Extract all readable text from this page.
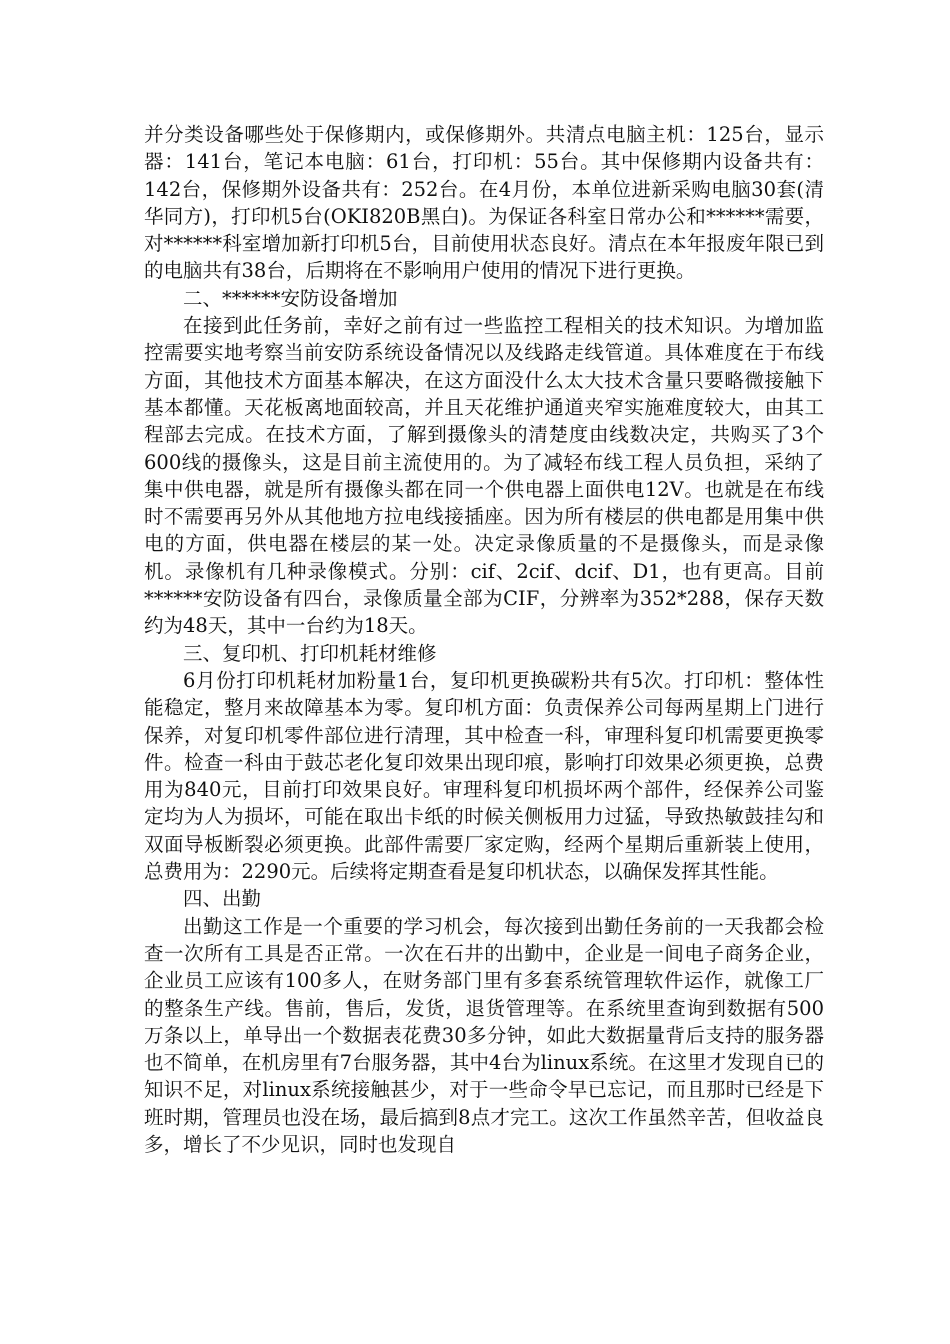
并分类设备哪些处于保修期内，或保修期外。共清点电脑主机：125台，显示器：141台，笔记本电脑：61台，打印机：55台。其中保修期内设备共有：142台，保修期外设备共有：252台。在4月份，本单位进新采购电脑30套(清华同方)，打印机5台(OKI820B黑白)。为保证各科室日常办公和******需要，对******科室增加新打印机5台，目前使用状态良好。清点在本年报废年限已到的电脑共有38台，后期将在不影响用户使用的情况下进行更换。

二、******安防设备增加

在接到此任务前，幸好之前有过一些监控工程相关的技术知识。为增加监控需要实地考察当前安防系统设备情况以及线路走线管道。具体难度在于布线方面，其他技术方面基本解决，在这方面没什么太大技术含量只要略微接触下基本都懂。天花板离地面较高，并且天花维护通道夹窄实施难度较大，由其工程部去完成。在技术方面，了解到摄像头的清楚度由线数决定，共购买了3个600线的摄像头，这是目前主流使用的。为了减轻布线工程人员负担，采纳了集中供电器，就是所有摄像头都在同一个供电器上面供电12V。也就是在布线时不需要再另外从其他地方拉电线接插座。因为所有楼层的供电都是用集中供电的方面，供电器在楼层的某一处。决定录像质量的不是摄像头，而是录像机。录像机有几种录像模式。分别：cif、2cif、dcif、D1，也有更高。目前******安防设备有四台，录像质量全部为CIF，分辨率为352*288，保存天数约为48天，其中一台约为18天。

三、复印机、打印机耗材维修

6月份打印机耗材加粉量1台，复印机更换碳粉共有5次。打印机：整体性能稳定，整月来故障基本为零。复印机方面：负责保养公司每两星期上门进行保养，对复印机零件部位进行清理，其中检查一科，审理科复印机需要更换零件。检查一科由于鼓芯老化复印效果出现印痕，影响打印效果必须更换，总费用为840元，目前打印效果良好。审理科复印机损坏两个部件，经保养公司鉴定均为人为损坏，可能在取出卡纸的时候关侧板用力过猛，导致热敏鼓挂勾和双面导板断裂必须更换。此部件需要厂家定购，经两个星期后重新装上使用，总费用为：2290元。后续将定期查看是复印机状态，以确保发挥其性能。

四、出勤

出勤这工作是一个重要的学习机会，每次接到出勤任务前的一天我都会检查一次所有工具是否正常。一次在石井的出勤中，企业是一间电子商务企业，企业员工应该有100多人，在财务部门里有多套系统管理软件运作，就像工厂的整条生产线。售前，售后，发货，退货管理等。在系统里查询到数据有500万条以上，单导出一个数据表花费30多分钟，如此大数据量背后支持的服务器也不简单，在机房里有7台服务器，其中4台为linux系统。在这里才发现自已的知识不足，对linux系统接触甚少，对于一些命令早已忘记，而且那时已经是下班时期，管理员也没在场，最后搞到8点才完工。这次工作虽然辛苦，但收益良多，增长了不少见识，同时也发现自
